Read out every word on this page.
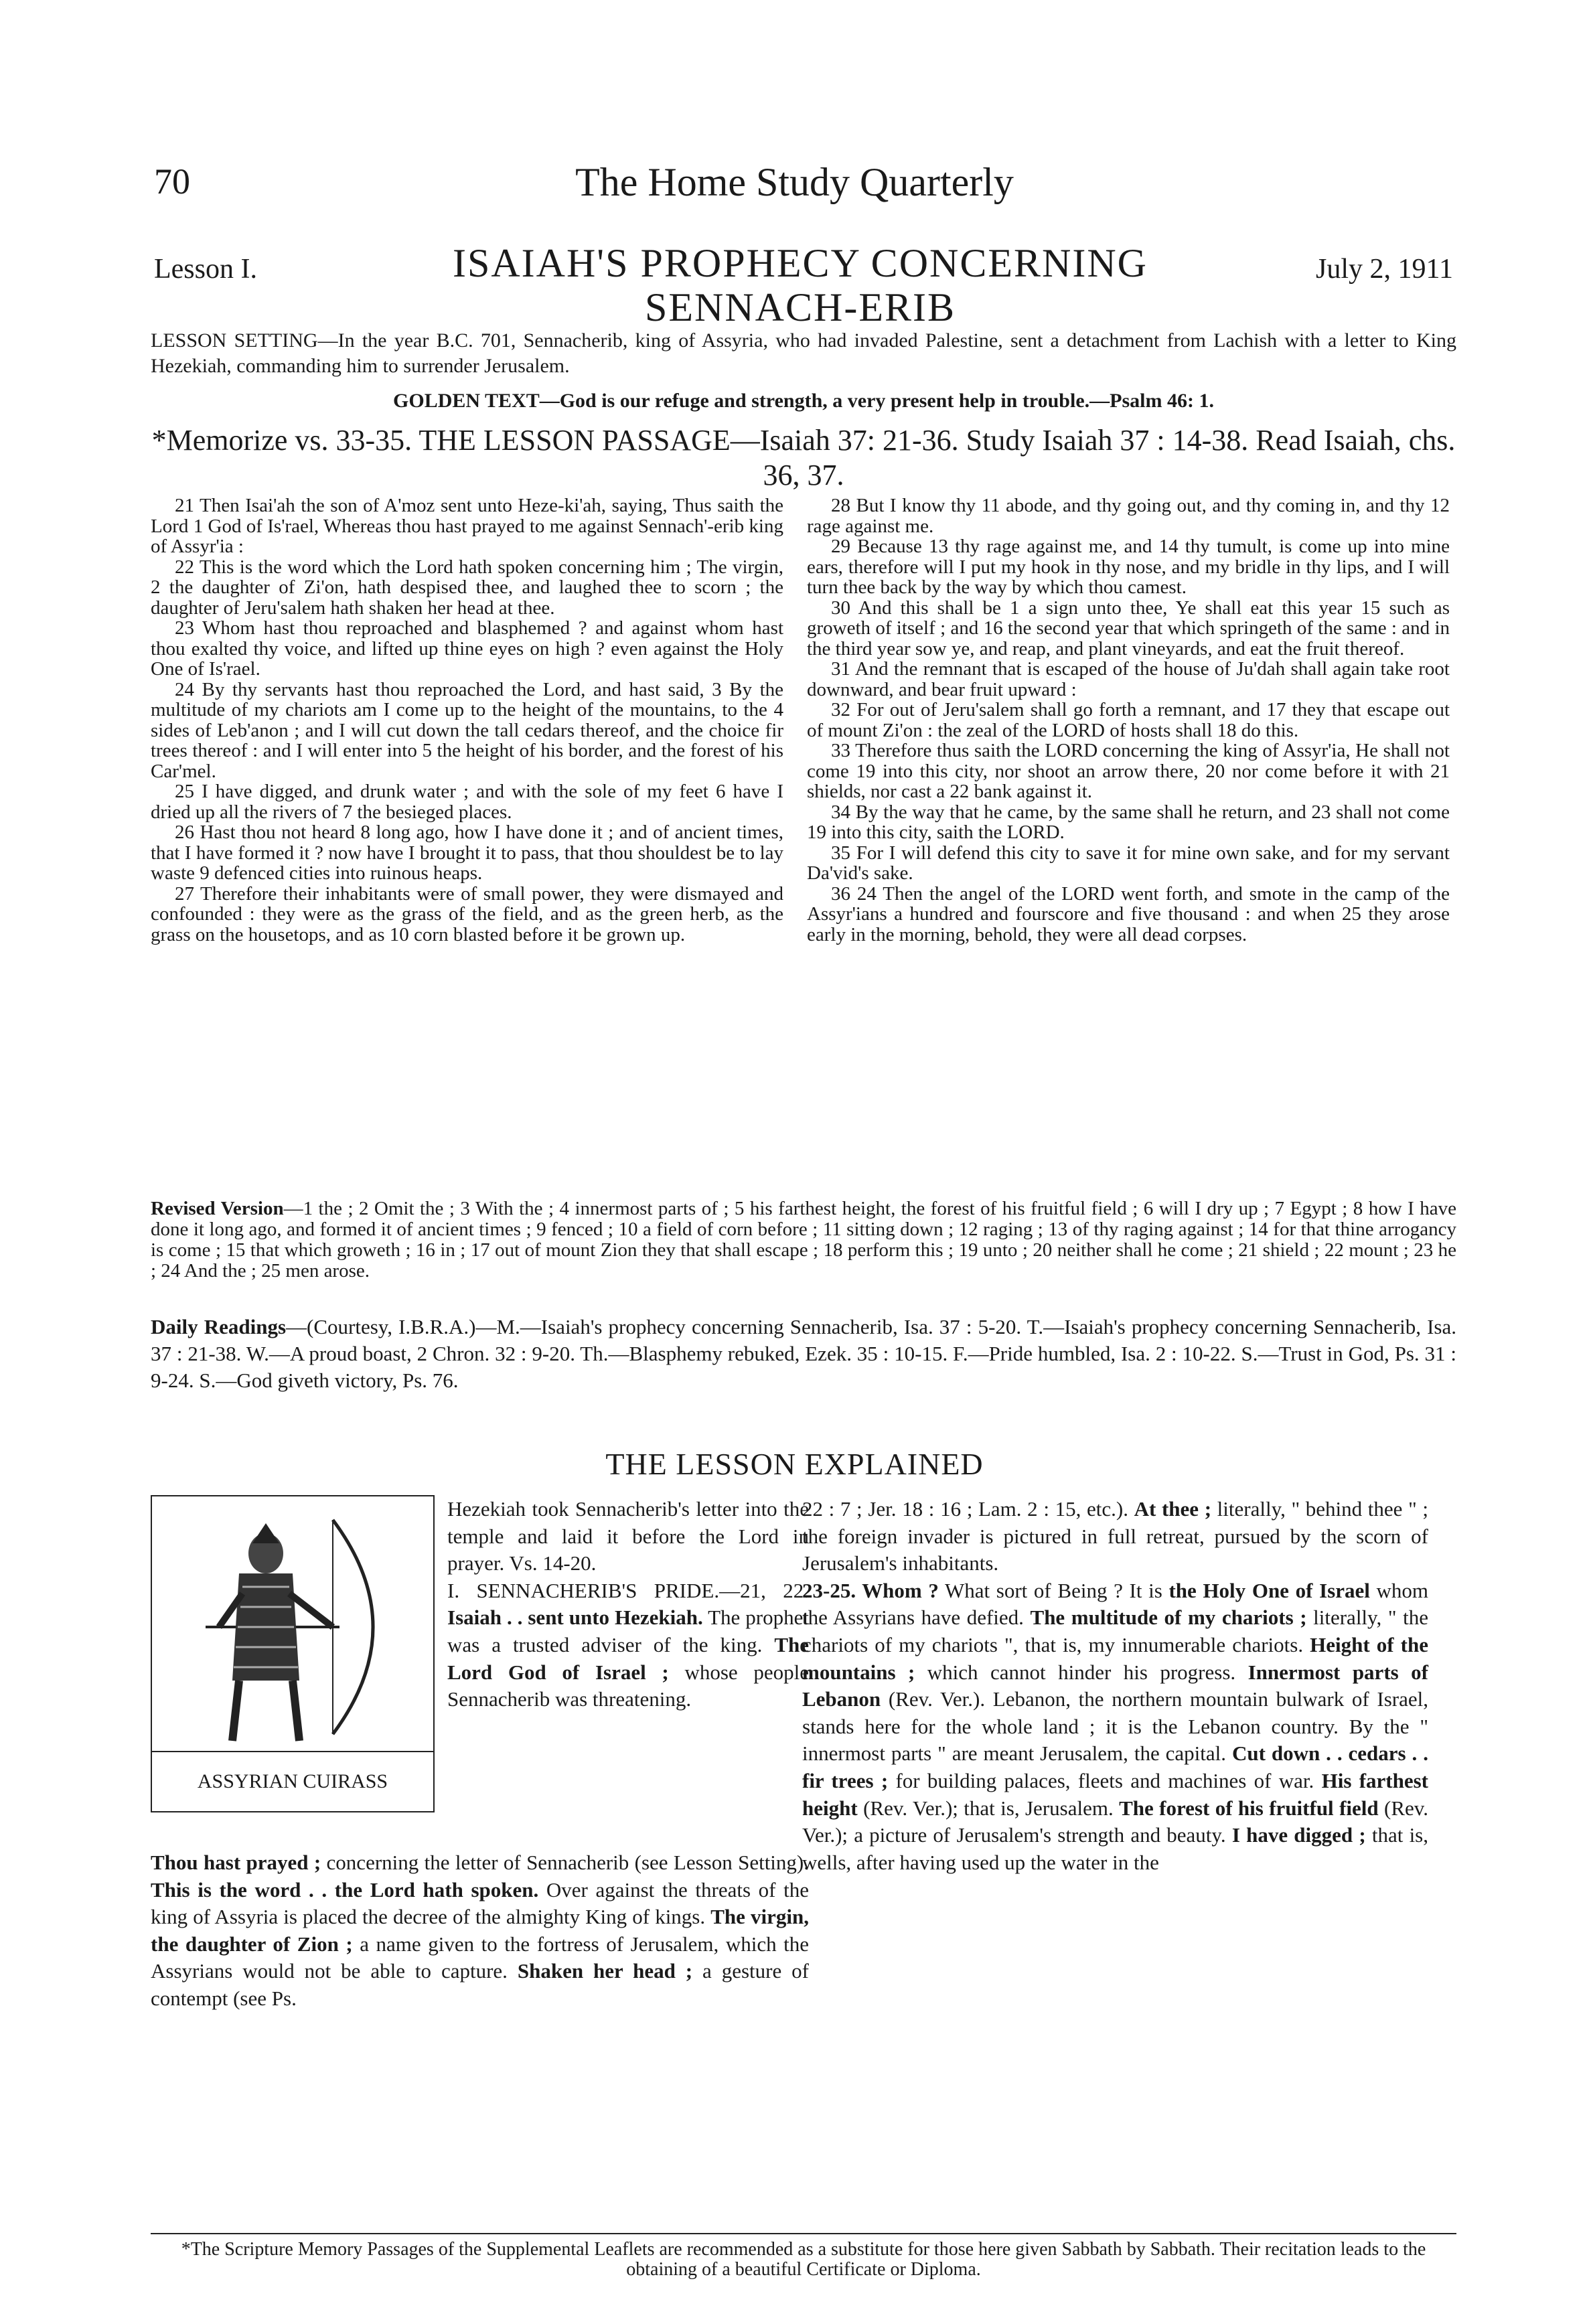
70	The Home Study Quarterly
Lesson I.	ISAIAH'S PROPHECY CONCERNING SENNACH-ERIB
July 2, 1911
LESSON SETTING—In the year B.C. 701, Sennacherib, king of Assyria, who had invaded Palestine, sent a detachment from Lachish with a letter to King Hezekiah, commanding him to surrender Jerusalem.
GOLDEN TEXT—God is our refuge and strength, a very present help in trouble.—Psalm 46: 1.
*Memorize vs. 33-35. THE LESSON PASSAGE—Isaiah 37: 21-36. Study Isaiah 37 : 14-38. Read Isaiah, chs. 36, 37.

21 Then Isai'ah the son of A'moz sent unto Heze-ki'ah, saying, Thus saith the Lord 1 God of Is'rael, Whereas thou hast prayed to me against Sennach'-erib king of Assyr'ia :

22 This is the word which the Lord hath spoken concerning him ; The virgin, 2 the daughter of Zi'on, hath despised thee, and laughed thee to scorn ; the daughter of Jeru'salem hath shaken her head at thee.

23 Whom hast thou reproached and blasphemed ? and against whom hast thou exalted thy voice, and lifted up thine eyes on high ? even against the Holy One of Is'rael.

24 By thy servants hast thou reproached the Lord, and hast said, 3 By the multitude of my chariots am I come up to the height of the mountains, to the 4 sides of Leb'anon ; and I will cut down the tall cedars thereof, and the choice fir trees thereof : and I will enter into 5 the height of his border, and the forest of his Car'mel.

25 I have digged, and drunk water ; and with the sole of my feet 6 have I dried up all the rivers of 7 the besieged places.

26 Hast thou not heard 8 long ago, how I have done it ; and of ancient times, that I have formed it ? now have I brought it to pass, that thou shouldest be to lay waste 9 defenced cities into ruinous heaps.

27 Therefore their inhabitants were of small power, they were dismayed and confounded : they were as the grass of the field, and as the green herb, as the grass on the housetops, and as 10 corn blasted before it be grown up.

28 But I know thy 11 abode, and thy going out, and thy coming in, and thy 12 rage against me.

29 Because 13 thy rage against me, and 14 thy tumult, is come up into mine ears, therefore will I put my hook in thy nose, and my bridle in thy lips, and I will turn thee back by the way by which thou camest.

30 And this shall be 1 a sign unto thee, Ye shall eat this year 15 such as groweth of itself ; and 16 the second year that which springeth of the same : and in the third year sow ye, and reap, and plant vineyards, and eat the fruit thereof.

31 And the remnant that is escaped of the house of Ju'dah shall again take root downward, and bear fruit upward :

32 For out of Jeru'salem shall go forth a remnant, and 17 they that escape out of mount Zi'on : the zeal of the LORD of hosts shall 18 do this.

33 Therefore thus saith the LORD concerning the king of Assyr'ia, He shall not come 19 into this city, nor shoot an arrow there, 20 nor come before it with 21 shields, nor cast a 22 bank against it.

34 By the way that he came, by the same shall he return, and 23 shall not come 19 into this city, saith the LORD.

35 For I will defend this city to save it for mine own sake, and for my servant Da'vid's sake.

36 24 Then the angel of the LORD went forth, and smote in the camp of the Assyr'ians a hundred and fourscore and five thousand : and when 25 they arose early in the morning, behold, they were all dead corpses.

Revised Version—1 the ; 2 Omit the ; 3 With the ; 4 innermost parts of ; 5 his farthest height, the forest of his fruitful field ; 6 will I dry up ; 7 Egypt ; 8 how I have done it long ago, and formed it of ancient times ; 9 fenced ; 10 a field of corn before ; 11 sitting down ; 12 raging ; 13 of thy raging against ; 14 for that thine arrogancy is come ; 15 that which groweth ; 16 in ; 17 out of mount Zion they that shall escape ; 18 perform this ; 19 unto ; 20 neither shall he come ; 21 shield ; 22 mount ; 23 he ; 24 And the ; 25 men arose.
Daily Readings—(Courtesy, I.B.R.A.)—M.—Isaiah's prophecy concerning Sennacherib, Isa. 37 : 5-20. T.—Isaiah's prophecy concerning Sennacherib, Isa. 37 : 21-38. W.—A proud boast, 2 Chron. 32 : 9-20. Th.—Blasphemy rebuked, Ezek. 35 : 10-15. F.—Pride humbled, Isa. 2 : 10-22. S.—Trust in God, Ps. 31 : 9-24. S.—God giveth victory, Ps. 76.
THE LESSON EXPLAINED
ASSYRIAN CUIRASS
Hezekiah took Sennacherib's letter into the temple and laid it before the Lord in prayer. Vs. 14-20.
I. SENNACHERIB'S PRIDE.—21, 22. Isaiah . . sent unto Hezekiah. The prophet was a trusted adviser of the king. The Lord God of Israel ; whose people Sennacherib was threatening.
Thou hast prayed ; concerning the letter of Sennacherib (see Lesson Setting). This is the word . . the Lord hath spoken. Over against the threats of the king of Assyria is placed the decree of the almighty King of kings. The virgin, the daughter of Zion ; a name given to the fortress of Jerusalem, which the Assyrians would not be able to capture. Shaken her head ; a gesture of contempt (see Ps.
22 : 7 ; Jer. 18 : 16 ; Lam. 2 : 15, etc.). At thee ; literally, " behind thee " ; the foreign invader is pictured in full retreat, pursued by the scorn of Jerusalem's inhabitants.
23-25. Whom ? What sort of Being ? It is the Holy One of Israel whom the Assyrians have defied. The multitude of my chariots ; literally, " the chariots of my chariots ", that is, my innumerable chariots. Height of the mountains ; which cannot hinder his progress. Innermost parts of Lebanon (Rev. Ver.). Lebanon, the northern mountain bulwark of Israel, stands here for the whole land ; it is the Lebanon country. By the " innermost parts " are meant Jerusalem, the capital. Cut down . . cedars . . fir trees ; for building palaces, fleets and machines of war. His farthest height (Rev. Ver.); that is, Jerusalem. The forest of his fruitful field (Rev. Ver.); a picture of Jerusalem's strength and beauty. I have digged ; that is, wells, after having used up the water in the
*The Scripture Memory Passages of the Supplemental Leaflets are recommended as a substitute for those here given Sabbath by Sabbath. Their recitation leads to the obtaining of a beautiful Certificate or Diploma.
